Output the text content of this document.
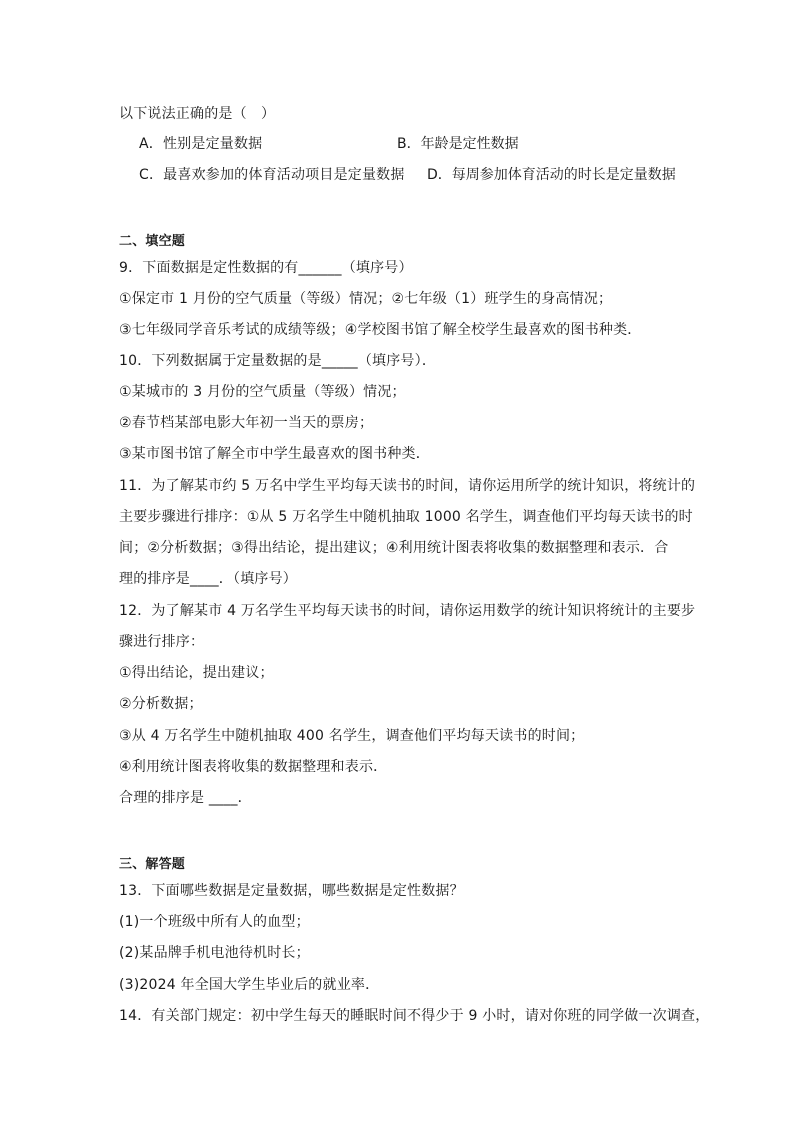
以下说法正确的是（　）
A．性别是定量数据	B．年龄是定性数据
C．最喜欢参加的体育活动项目是定量数据 D．每周参加体育活动的时长是定量数据
二、填空题
9．下面数据是定性数据的有______（填序号）
①保定市 1 月份的空气质量（等级）情况；②七年级（1）班学生的身高情况；
③七年级同学音乐考试的成绩等级；④学校图书馆了解全校学生最喜欢的图书种类．
10．下列数据属于定量数据的是_____（填序号）．
①某城市的 3 月份的空气质量（等级）情况；
②春节档某部电影大年初一当天的票房；
③某市图书馆了解全市中学生最喜欢的图书种类．
11．为了解某市约 5 万名中学生平均每天读书的时间，请你运用所学的统计知识，将统计的
主要步骤进行排序：①从 5 万名学生中随机抽取 1000 名学生，调查他们平均每天读书的时
间；②分析数据；③得出结论，提出建议；④利用统计图表将收集的数据整理和表示．合
理的排序是____．（填序号）
12．为了解某市 4 万名学生平均每天读书的时间，请你运用数学的统计知识将统计的主要步
骤进行排序：
①得出结论，提出建议；
②分析数据；
③从 4 万名学生中随机抽取 400 名学生，调查他们平均每天读书的时间；
④利用统计图表将收集的数据整理和表示．
合理的排序是 ____．
三、解答题
13．下面哪些数据是定量数据，哪些数据是定性数据？
(1)一个班级中所有人的血型；
(2)某品牌手机电池待机时长；
(3)2024 年全国大学生毕业后的就业率．
14．有关部门规定：初中学生每天的睡眠时间不得少于 9 小时，请对你班的同学做一次调查，
